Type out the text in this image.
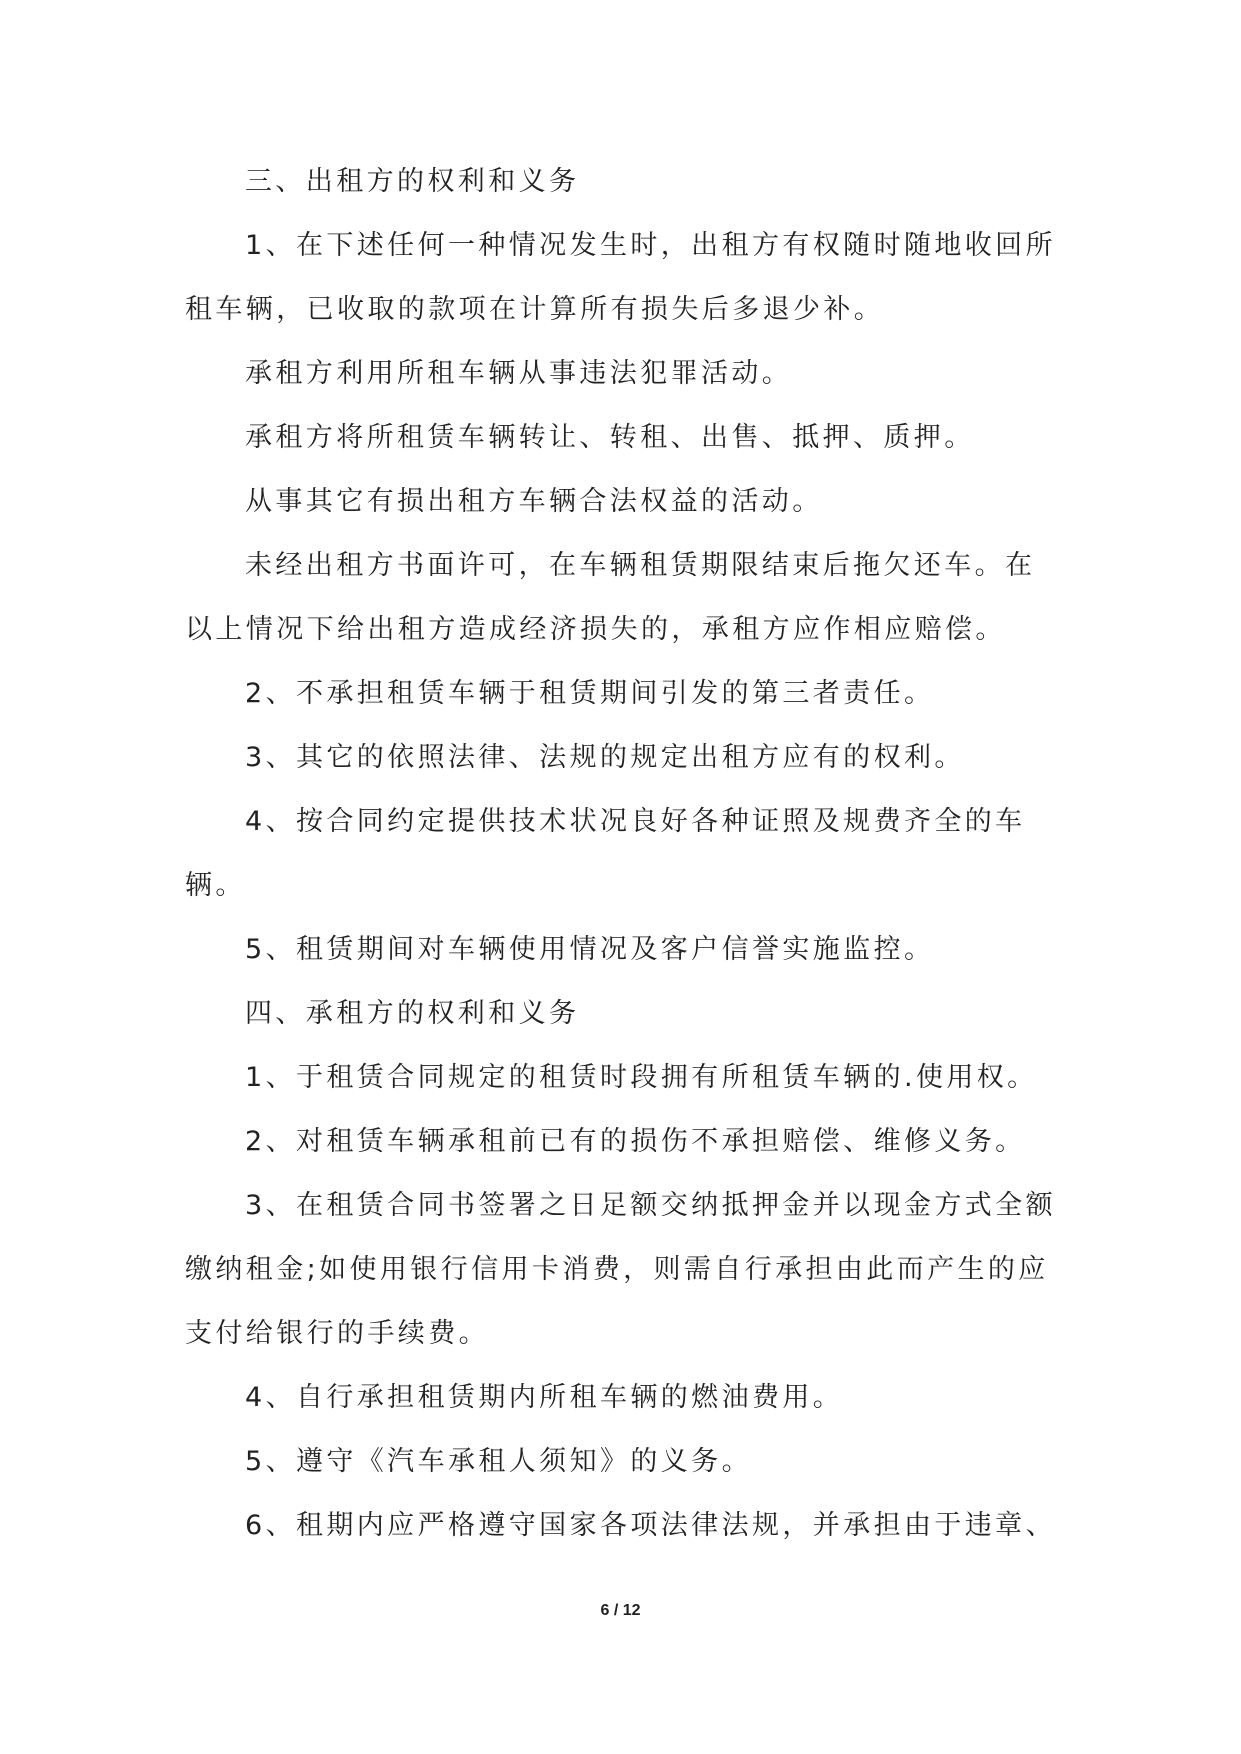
三、出租方的权利和义务

1、在下述任何一种情况发生时，出租方有权随时随地收回所租车辆，已收取的款项在计算所有损失后多退少补。

承租方利用所租车辆从事违法犯罪活动。

承租方将所租赁车辆转让、转租、出售、抵押、质押。

从事其它有损出租方车辆合法权益的活动。

未经出租方书面许可，在车辆租赁期限结束后拖欠还车。在以上情况下给出租方造成经济损失的，承租方应作相应赔偿。

2、不承担租赁车辆于租赁期间引发的第三者责任。

3、其它的依照法律、法规的规定出租方应有的权利。

4、按合同约定提供技术状况良好各种证照及规费齐全的车辆。

5、租赁期间对车辆使用情况及客户信誉实施监控。

四、承租方的权利和义务

1、于租赁合同规定的租赁时段拥有所租赁车辆的.使用权。

2、对租赁车辆承租前已有的损伤不承担赔偿、维修义务。

3、在租赁合同书签署之日足额交纳抵押金并以现金方式全额缴纳租金;如使用银行信用卡消费，则需自行承担由此而产生的应支付给银行的手续费。

4、自行承担租赁期内所租车辆的燃油费用。

5、遵守《汽车承租人须知》的义务。

6、租期内应严格遵守国家各项法律法规，并承担由于违章、

6 / 12
